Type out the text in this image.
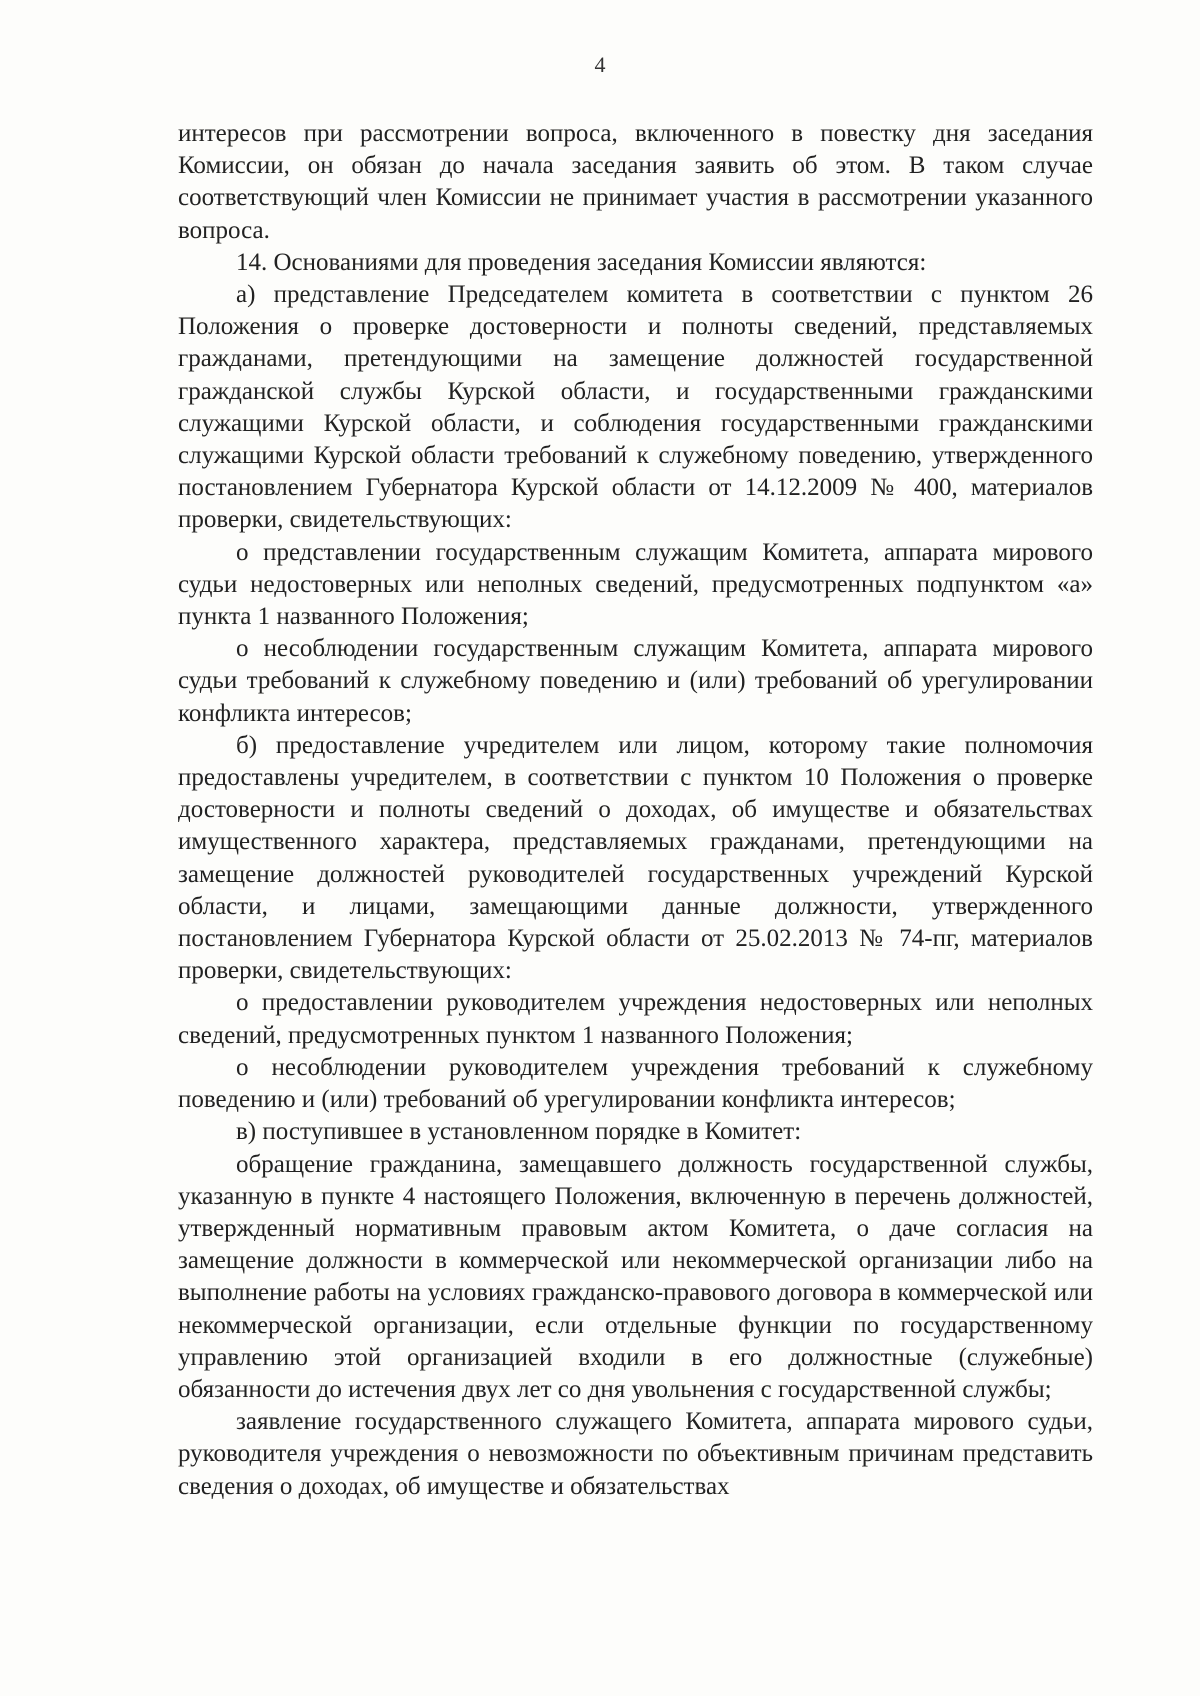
4

интересов при рассмотрении вопроса, включенного в повестку дня заседания Комиссии, он обязан до начала заседания заявить об этом. В таком случае соответствующий член Комиссии не принимает участия в рассмотрении указанного вопроса.

14. Основаниями для проведения заседания Комиссии являются:

а) представление Председателем комитета в соответствии с пунктом 26 Положения о проверке достоверности и полноты сведений, представляемых гражданами, претендующими на замещение должностей государственной гражданской службы Курской области, и государственными гражданскими служащими Курской области, и соблюдения государственными гражданскими служащими Курской области требований к служебному поведению, утвержденного постановлением Губернатора Курской области от 14.12.2009 № 400, материалов проверки, свидетельствующих:

о представлении государственным служащим Комитета, аппарата мирового судьи недостоверных или неполных сведений, предусмотренных подпунктом «а» пункта 1 названного Положения;

о несоблюдении государственным служащим Комитета, аппарата мирового судьи требований к служебному поведению и (или) требований об урегулировании конфликта интересов;

б) предоставление учредителем или лицом, которому такие полномочия предоставлены учредителем, в соответствии с пунктом 10 Положения о проверке достоверности и полноты сведений о доходах, об имуществе и обязательствах имущественного характера, представляемых гражданами, претендующими на замещение должностей руководителей государственных учреждений Курской области, и лицами, замещающими данные должности, утвержденного постановлением Губернатора Курской области от 25.02.2013 № 74-пг, материалов проверки, свидетельствующих:

о предоставлении руководителем учреждения недостоверных или неполных сведений, предусмотренных пунктом 1 названного Положения;

о несоблюдении руководителем учреждения требований к служебному поведению и (или) требований об урегулировании конфликта интересов;

в) поступившее в установленном порядке в Комитет:

обращение гражданина, замещавшего должность государственной службы, указанную в пункте 4 настоящего Положения, включенную в перечень должностей, утвержденный нормативным правовым актом Комитета, о даче согласия на замещение должности в коммерческой или некоммерческой организации либо на выполнение работы на условиях гражданско-правового договора в коммерческой или некоммерческой организации, если отдельные функции по государственному управлению этой организацией входили в его должностные (служебные) обязанности до истечения двух лет со дня увольнения с государственной службы;

заявление государственного служащего Комитета, аппарата мирового судьи, руководителя учреждения о невозможности по объективным причинам представить сведения о доходах, об имуществе и обязательствах
